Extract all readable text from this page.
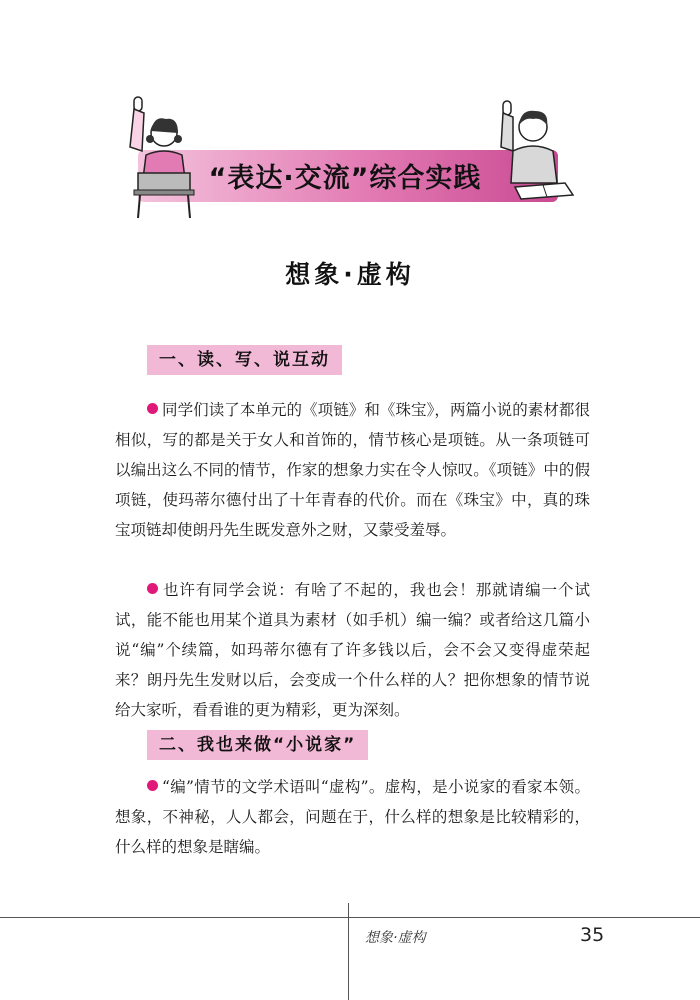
“表达·交流”综合实践
想象·虚构
一、读、写、说互动

同学们读了本单元的《项链》和《珠宝》，两篇小说的素材都很相似，写的都是关于女人和首饰的，情节核心是项链。从一条项链可以编出这么不同的情节，作家的想象力实在令人惊叹。《项链》中的假项链，使玛蒂尔德付出了十年青春的代价。而在《珠宝》中，真的珠宝项链却使朗丹先生既发意外之财，又蒙受羞辱。

也许有同学会说：有啥了不起的，我也会！那就请编一个试试，能不能也用某个道具为素材（如手机）编一编？或者给这几篇小说“编”个续篇，如玛蒂尔德有了许多钱以后，会不会又变得虚荣起来？朗丹先生发财以后，会变成一个什么样的人？把你想象的情节说给大家听，看看谁的更为精彩，更为深刻。

二、我也来做“小说家”

“编”情节的文学术语叫“虚构”。虚构，是小说家的看家本领。想象，不神秘，人人都会，问题在于，什么样的想象是比较精彩的，什么样的想象是瞎编。

想象·虚构	35
